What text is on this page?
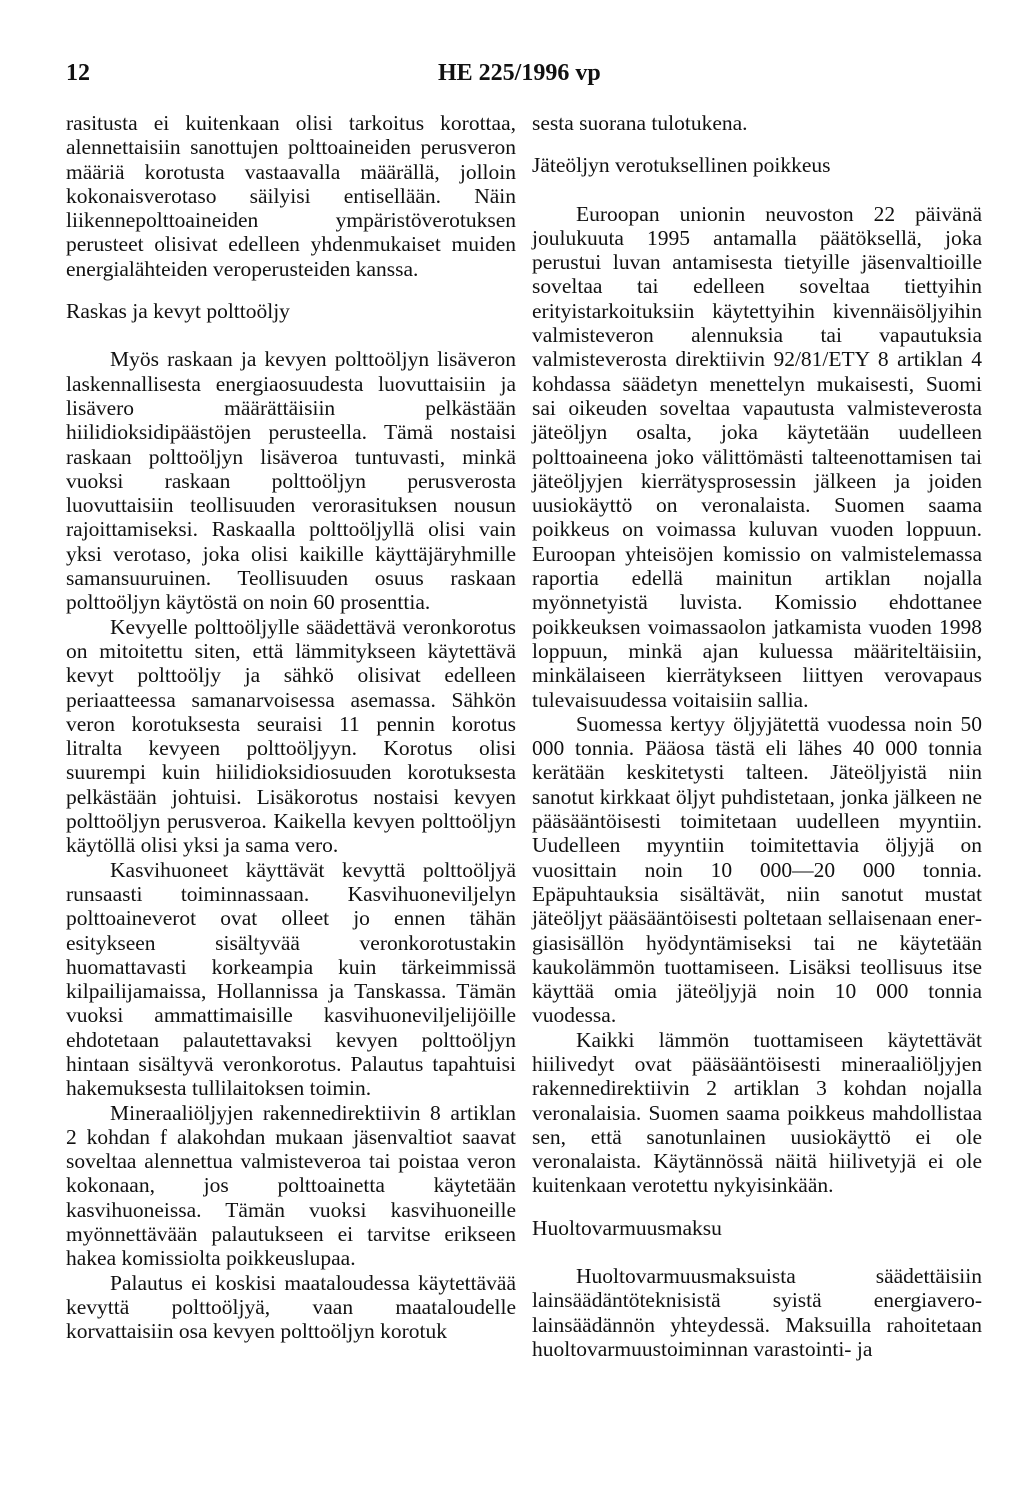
12	HE 225/1996 vp

rasitusta ei kuitenkaan olisi tarkoitus korottaa, alennettaisiin sanottujen polttoaineiden perusveron määriä korotusta vastaavalla määrällä, jolloin kokonaisverotaso säilyisi entisellään. Näin liikennepolttoaineiden ympäristöverotuksen perusteet olisivat edelleen yhdenmukaiset muiden energialähteiden veroperusteiden kanssa.

Raskas ja kevyt polttoöljy

Myös raskaan ja kevyen polttoöljyn lisäveron laskennallisesta energiaosuudesta luovuttaisiin ja lisävero määrättäisiin pelkästään hiilidioksidipäästöjen perusteella. Tämä nostaisi raskaan polttoöljyn lisäveroa tuntuvasti, minkä vuoksi raskaan polttoöljyn perusverosta luovuttaisiin teollisuuden verorasituksen nousun rajoittamiseksi. Raskaalla polttoöljyllä olisi vain yksi verotaso, joka olisi kaikille käyttäjäryhmille samansuuruinen. Teollisuuden osuus raskaan polttoöljyn käytöstä on noin 60 prosenttia.

Kevyelle polttoöljylle säädettävä veronkorotus on mitoitettu siten, että lämmitykseen käytettävä kevyt polttoöljy ja sähkö olisivat edelleen periaatteessa samanarvoisessa asemassa. Sähkön veron korotuksesta seuraisi 11 pennin korotus litralta kevyeen polttoöljyyn. Korotus olisi suurempi kuin hiilidioksidiosuuden korotuksesta pelkästään johtuisi. Lisäkorotus nostaisi kevyen polttoöljyn perusveroa. Kaikella kevyen polttoöljyn käytöllä olisi yksi ja sama vero.

Kasvihuoneet käyttävät kevyttä polttoöljyä runsaasti toiminnassaan. Kasvihuoneviljelyn polttoaineverot ovat olleet jo ennen tähän esitykseen sisältyvää veronkorotustakin huomattavasti korkeampia kuin tärkeimmissä kilpailijamaissa, Hollannissa ja Tanskassa. Tämän vuoksi ammattimaisille kasvihuoneviljelijöille ehdotetaan palautettavaksi kevyen polttoöljyn hintaan sisältyvä veronkorotus. Palautus tapahtuisi hakemuksesta tullilaitoksen toimin.

Mineraaliöljyjen rakennedirektiivin 8 artiklan 2 kohdan f alakohdan mukaan jäsenvaltiot saavat soveltaa alennettua valmisteveroa tai poistaa veron kokonaan, jos polttoainetta käytetään kasvihuoneissa. Tämän vuoksi kasvihuoneille myönnettävään palautukseen ei tarvitse erikseen hakea komissiolta poikkeuslupaa.

Palautus ei koskisi maataloudessa käytettävää kevyttä polttoöljyä, vaan maataloudelle korvattaisiin osa kevyen polttoöljyn korotuk

sesta suorana tulotukena.

Jäteöljyn verotuksellinen poikkeus

Euroopan unionin neuvoston 22 päivänä joulukuuta 1995 antamalla päätöksellä, joka perustui luvan antamisesta tietyille jäsenvaltioille soveltaa tai edelleen soveltaa tiettyihin erityistarkoituksiin käytettyihin kivennäisöljyihin valmisteveron alennuksia tai vapautuksia valmisteverosta direktiivin 92/81/ETY 8 artiklan 4 kohdassa säädetyn menettelyn mukaisesti, Suomi sai oikeuden soveltaa vapautusta valmisteverosta jäteöljyn osalta, joka käytetään uudelleen polttoaineena joko välittömästi talteenottamisen tai jäteöljyjen kierrätysprosessin jälkeen ja joiden uusiokäyttö on veronalaista. Suomen saama poikkeus on voimassa kuluvan vuoden loppuun. Euroopan yhteisöjen komissio on valmistelemassa raportia edellä mainitun artiklan nojalla myönnetyistä luvista. Komissio ehdottanee poikkeuksen voimassaolon jatkamista vuoden 1998 loppuun, minkä ajan kuluessa määriteltäisiin, minkälaiseen kierrätykseen liittyen verovapaus tulevaisuudessa voitaisiin sallia.

Suomessa kertyy öljyjätettä vuodessa noin 50 000 tonnia. Pääosa tästä eli lähes 40 000 tonnia kerätään keskitetysti talteen. Jäteöljyistä niin sanotut kirkkaat öljyt puhdistetaan, jonka jälkeen ne pääsääntöisesti toimitetaan uudelleen myyntiin. Uudelleen myyntiin toimitettavia öljyjä on vuosittain noin 10 000—20 000 tonnia. Epäpuhtauksia sisältävät, niin sanotut mustat jäteöljyt pääsääntöisesti poltetaan sellaisenaan energiasisällön hyödyntämiseksi tai ne käytetään kaukolämmön tuottamiseen. Lisäksi teollisuus itse käyttää omia jäteöljyjä noin 10 000 tonnia vuodessa.

Kaikki lämmön tuottamiseen käytettävät hiilivedyt ovat pääsääntöisesti mineraaliöljyjen rakennedirektiivin 2 artiklan 3 kohdan nojalla veronalaisia. Suomen saama poikkeus mahdollistaa sen, että sanotunlainen uusiokäyttö ei ole veronalaista. Käytännössä näitä hiilivetyjä ei ole kuitenkaan verotettu nykyisinkään.

Huoltovarmuusmaksu

Huoltovarmuusmaksuista säädettäisiin lainsäädäntöteknisistä syistä energiaverolainsäädännön yhteydessä. Maksuilla rahoitetaan huoltovarmuustoiminnan varastointi- ja
